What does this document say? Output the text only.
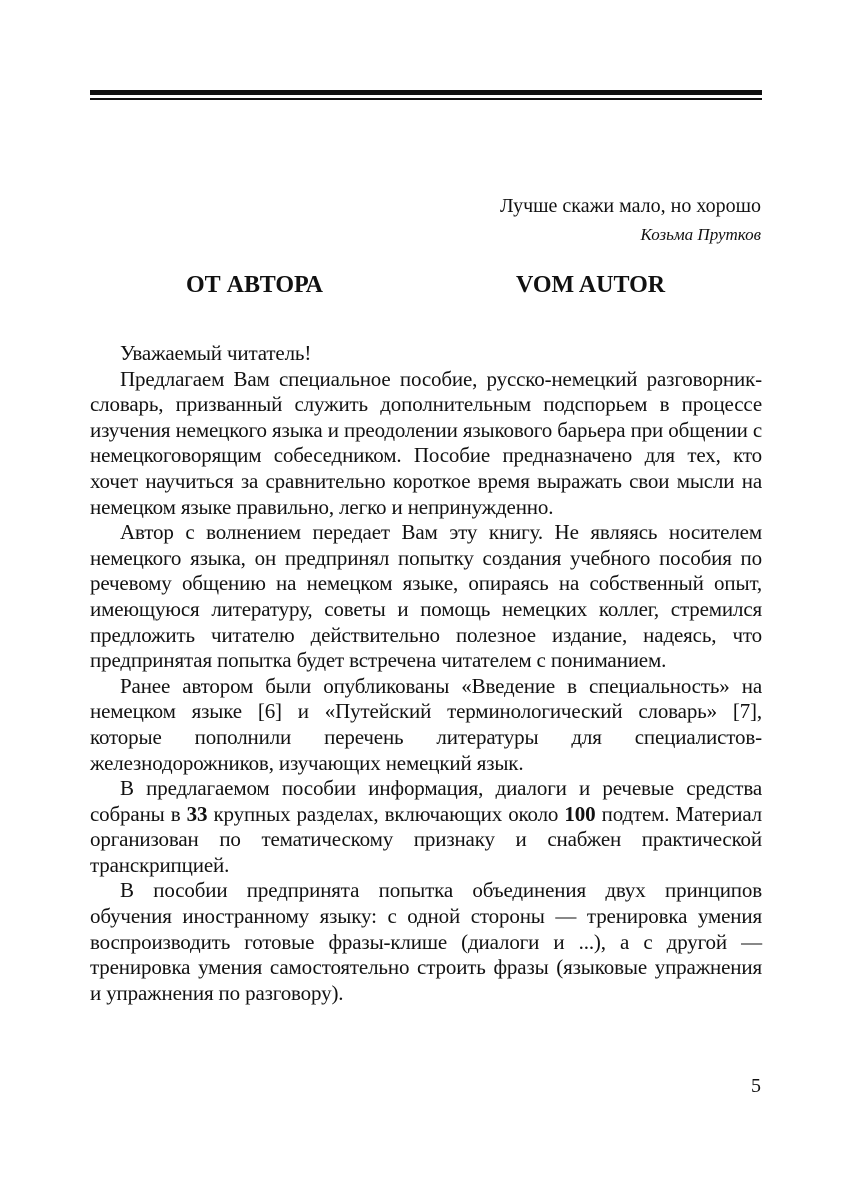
Лучше скажи мало, но хорошо
Козьма Прутков
ОТ АВТОРА	VOM AUTOR

Уважаемый читатель!

Предлагаем Вам специальное пособие, русско-немецкий разговорник-словарь, призванный служить дополнительным подспорьем в процессе изучения немецкого языка и преодолении языкового барьера при общении с немецкоговорящим собеседником. Пособие предназначено для тех, кто хочет научиться за сравнительно короткое время выражать свои мысли на немецком языке правильно, легко и непринужденно.

Автор с волнением передает Вам эту книгу. Не являясь носителем немецкого языка, он предпринял попытку создания учебного пособия по речевому общению на немецком языке, опираясь на собственный опыт, имеющуюся литературу, советы и помощь немецких коллег, стремился предложить читателю действительно полезное издание, надеясь, что предпринятая попытка будет встречена читателем с пониманием.

Ранее автором были опубликованы «Введение в специальность» на немецком языке [6] и «Путейский терминологический словарь» [7], которые пополнили перечень литературы для специалистов-железнодорожников, изучающих немецкий язык.

В предлагаемом пособии информация, диалоги и речевые средства собраны в 33 крупных разделах, включающих около 100 подтем. Материал организован по тематическому признаку и снабжен практической транскрипцией.

В пособии предпринята попытка объединения двух принципов обучения иностранному языку: с одной стороны — тренировка умения воспроизводить готовые фразы-клише (диалоги и ...), а с другой — тренировка умения самостоятельно строить фразы (языковые упражнения и упражнения по разговору).

5
